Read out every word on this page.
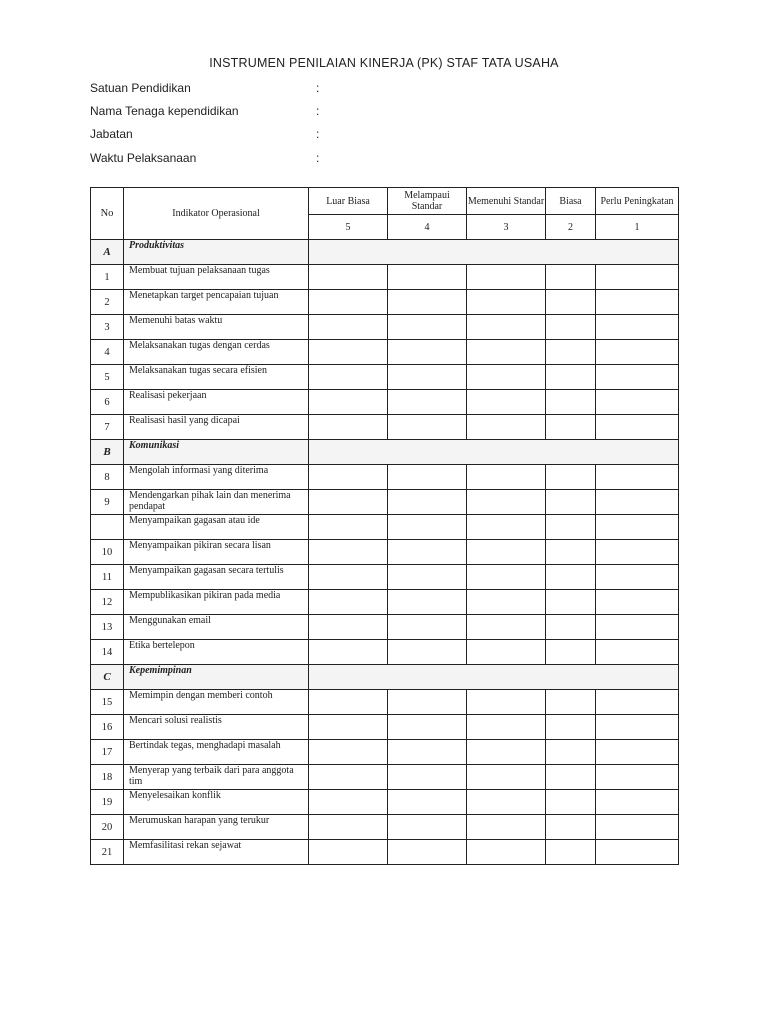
INSTRUMEN PENILAIAN KINERJA (PK) STAF TATA USAHA
Satuan Pendidikan	:
Nama Tenaga kependidikan	:
Jabatan	:
Waktu Pelaksanaan	:
No	Indikator Operasional	Luar Biasa	Melampaui Standar	Memenuhi Standar	Biasa	Perlu Peningkatan
		5	4	3	2	1
A	Produktivitas					
1	Membuat tujuan pelaksanaan tugas					
2	Menetapkan target pencapaian tujuan					
3	Memenuhi batas waktu					
4	Melaksanakan tugas dengan cerdas					
5	Melaksanakan tugas secara efisien					
6	Realisasi pekerjaan					
7	Realisasi hasil yang dicapai					
B	Komunikasi					
8	Mengolah informasi yang diterima					
9	Mendengarkan pihak lain dan menerima pendapat					
	Menyampaikan gagasan atau ide					
10	Menyampaikan pikiran secara lisan					
11	Menyampaikan gagasan secara tertulis					
12	Mempublikasikan pikiran pada media					
13	Menggunakan email					
14	Etika bertelepon					
C	Kepemimpinan					
15	Memimpin dengan memberi contoh					
16	Mencari solusi realistis					
17	Bertindak tegas, menghadapi masalah					
18	Menyerap yang terbaik dari para anggota tim					
19	Menyelesaikan konflik					
20	Merumuskan harapan yang terukur					
21	Memfasilitasi rekan sejawat					
